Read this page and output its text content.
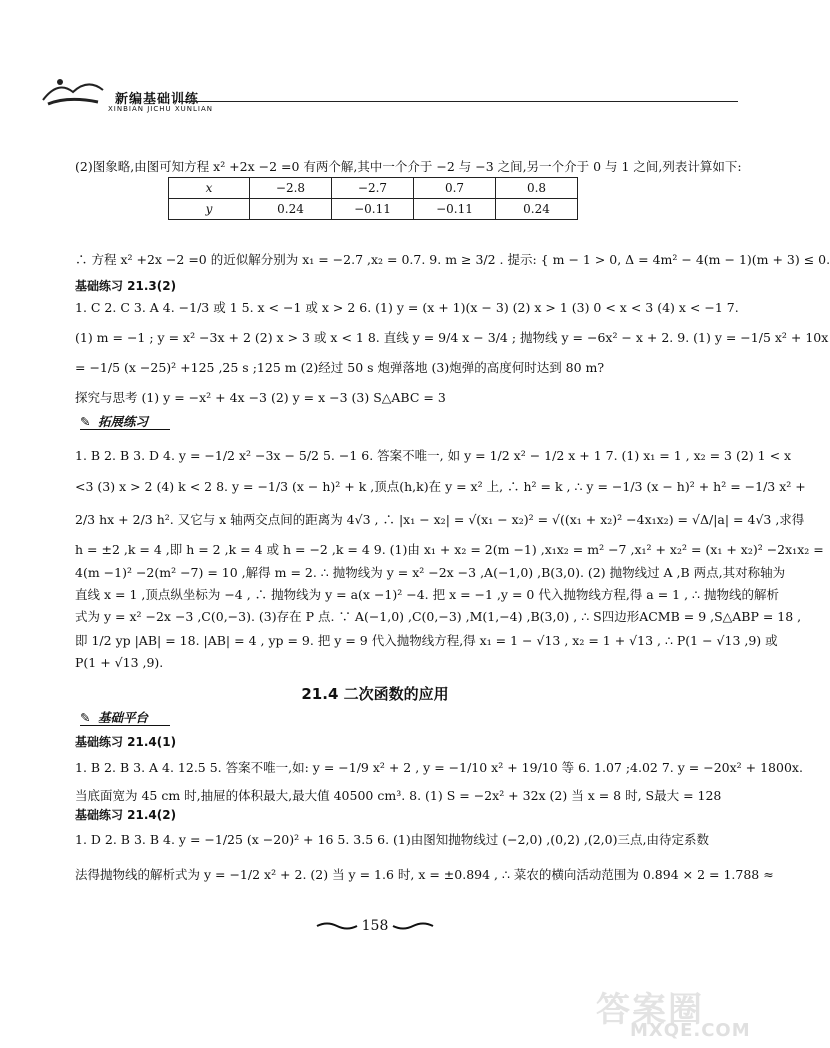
新编基础训练
XINBIAN JICHU XUNLIAN
(2)图象略,由图可知方程 x² +2x −2 =0 有两个解,其中一个介于 −2 与 −3 之间,另一个介于 0 与 1 之间,列表计算如下:
x	−2.8	−2.7	0.7	0.8
y	0.24	−0.11	−0.11	0.24
∴ 方程 x² +2x −2 =0 的近似解分别为 x₁ = −2.7 ,x₂ = 0.7. 9. m ≥ 3/2 . 提示: { m − 1 > 0, Δ = 4m² − 4(m − 1)(m + 3) ≤ 0.
基础练习 21.3(2)
1. C 2. C 3. A 4. −1/3 或 1 5. x < −1 或 x > 2 6. (1) y = (x + 1)(x − 3) (2) x > 1 (3) 0 < x < 3 (4) x < −1 7.
(1) m = −1 ; y = x² −3x + 2 (2) x > 3 或 x < 1 8. 直线 y = 9/4 x − 3/4 ; 抛物线 y = −6x² − x + 2. 9. (1) y = −1/5 x² + 10x
= −1/5 (x −25)² +125 ,25 s ;125 m (2)经过 50 s 炮弹落地 (3)炮弹的高度何时达到 80 m?
探究与思考 (1) y = −x² + 4x −3 (2) y = x −3 (3) S△ABC = 3
✎ 拓展练习
1. B 2. B 3. D 4. y = −1/2 x² −3x − 5/2 5. −1 6. 答案不唯一, 如 y = 1/2 x² − 1/2 x + 1 7. (1) x₁ = 1 , x₂ = 3 (2) 1 < x
<3 (3) x > 2 (4) k < 2 8. y = −1/3 (x − h)² + k ,顶点(h,k)在 y = x² 上, ∴ h² = k , ∴ y = −1/3 (x − h)² + h² = −1/3 x² +
2/3 hx + 2/3 h². 又它与 x 轴两交点间的距离为 4√3 , ∴ |x₁ − x₂| = √(x₁ − x₂)² = √((x₁ + x₂)² −4x₁x₂) = √Δ/|a| = 4√3 ,求得
h = ±2 ,k = 4 ,即 h = 2 ,k = 4 或 h = −2 ,k = 4 9. (1)由 x₁ + x₂ = 2(m −1) ,x₁x₂ = m² −7 ,x₁² + x₂² = (x₁ + x₂)² −2x₁x₂ =
4(m −1)² −2(m² −7) = 10 ,解得 m = 2. ∴ 抛物线为 y = x² −2x −3 ,A(−1,0) ,B(3,0). (2) 抛物线过 A ,B 两点,其对称轴为
直线 x = 1 ,顶点纵坐标为 −4 , ∴ 抛物线为 y = a(x −1)² −4. 把 x = −1 ,y = 0 代入抛物线方程,得 a = 1 , ∴ 抛物线的解析
式为 y = x² −2x −3 ,C(0,−3). (3)存在 P 点. ∵ A(−1,0) ,C(0,−3) ,M(1,−4) ,B(3,0) , ∴ S四边形ACMB = 9 ,S△ABP = 18 ,
即 1/2 yp |AB| = 18. |AB| = 4 , yp = 9. 把 y = 9 代入抛物线方程,得 x₁ = 1 − √13 , x₂ = 1 + √13 , ∴ P(1 − √13 ,9) 或
P(1 + √13 ,9).
21.4 二次函数的应用
✎ 基础平台
基础练习 21.4(1)
1. B 2. B 3. A 4. 12.5 5. 答案不唯一,如: y = −1/9 x² + 2 , y = −1/10 x² + 19/10 等 6. 1.07 ;4.02 7. y = −20x² + 1800x.
当底面宽为 45 cm 时,抽屉的体积最大,最大值 40500 cm³. 8. (1) S = −2x² + 32x (2) 当 x = 8 时, S最大 = 128
基础练习 21.4(2)
1. D 2. B 3. B 4. y = −1/25 (x −20)² + 16 5. 3.5 6. (1)由图知抛物线过 (−2,0) ,(0,2) ,(2,0)三点,由待定系数
法得抛物线的解析式为 y = −1/2 x² + 2. (2) 当 y = 1.6 时, x = ±0.894 , ∴ 菜农的横向活动范围为 0.894 × 2 = 1.788 ≈
158
答案圈
MXQE.COM
